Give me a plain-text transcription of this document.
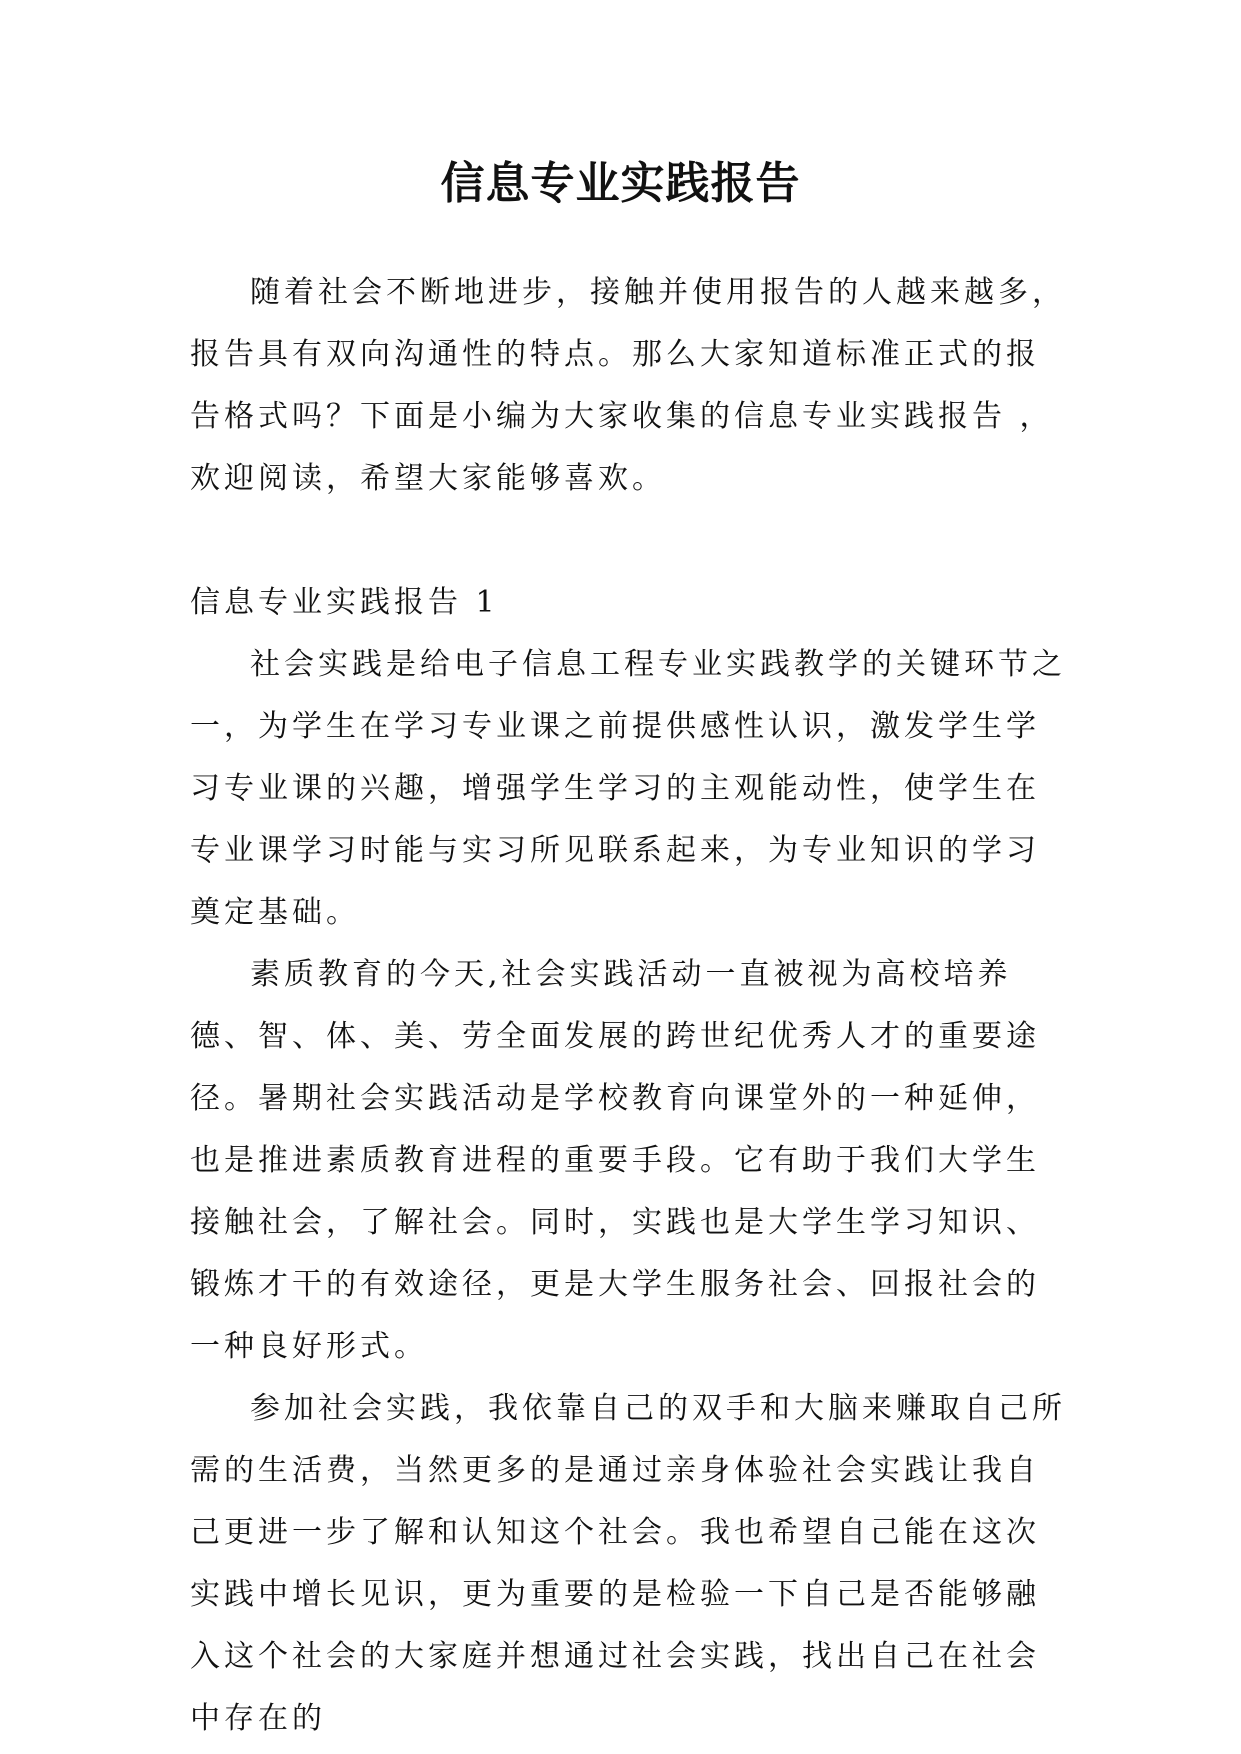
信息专业实践报告

随着社会不断地进步，接触并使用报告的人越来越多，报告具有双向沟通性的特点。那么大家知道标准正式的报告格式吗？下面是小编为大家收集的信息专业实践报告 ，欢迎阅读，希望大家能够喜欢。

信息专业实践报告 1

社会实践是给电子信息工程专业实践教学的关键环节之一，为学生在学习专业课之前提供感性认识，激发学生学习专业课的兴趣，增强学生学习的主观能动性，使学生在专业课学习时能与实习所见联系起来，为专业知识的学习奠定基础。

素质教育的今天,社会实践活动一直被视为高校培养德、智、体、美、劳全面发展的跨世纪优秀人才的重要途径。暑期社会实践活动是学校教育向课堂外的一种延伸，也是推进素质教育进程的重要手段。它有助于我们大学生接触社会，了解社会。同时，实践也是大学生学习知识、锻炼才干的有效途径，更是大学生服务社会、回报社会的一种良好形式。

参加社会实践，我依靠自己的双手和大脑来赚取自己所需的生活费，当然更多的是通过亲身体验社会实践让我自己更进一步了解和认知这个社会。我也希望自己能在这次实践中增长见识，更为重要的是检验一下自己是否能够融入这个社会的大家庭并想通过社会实践，找出自己在社会中存在的
